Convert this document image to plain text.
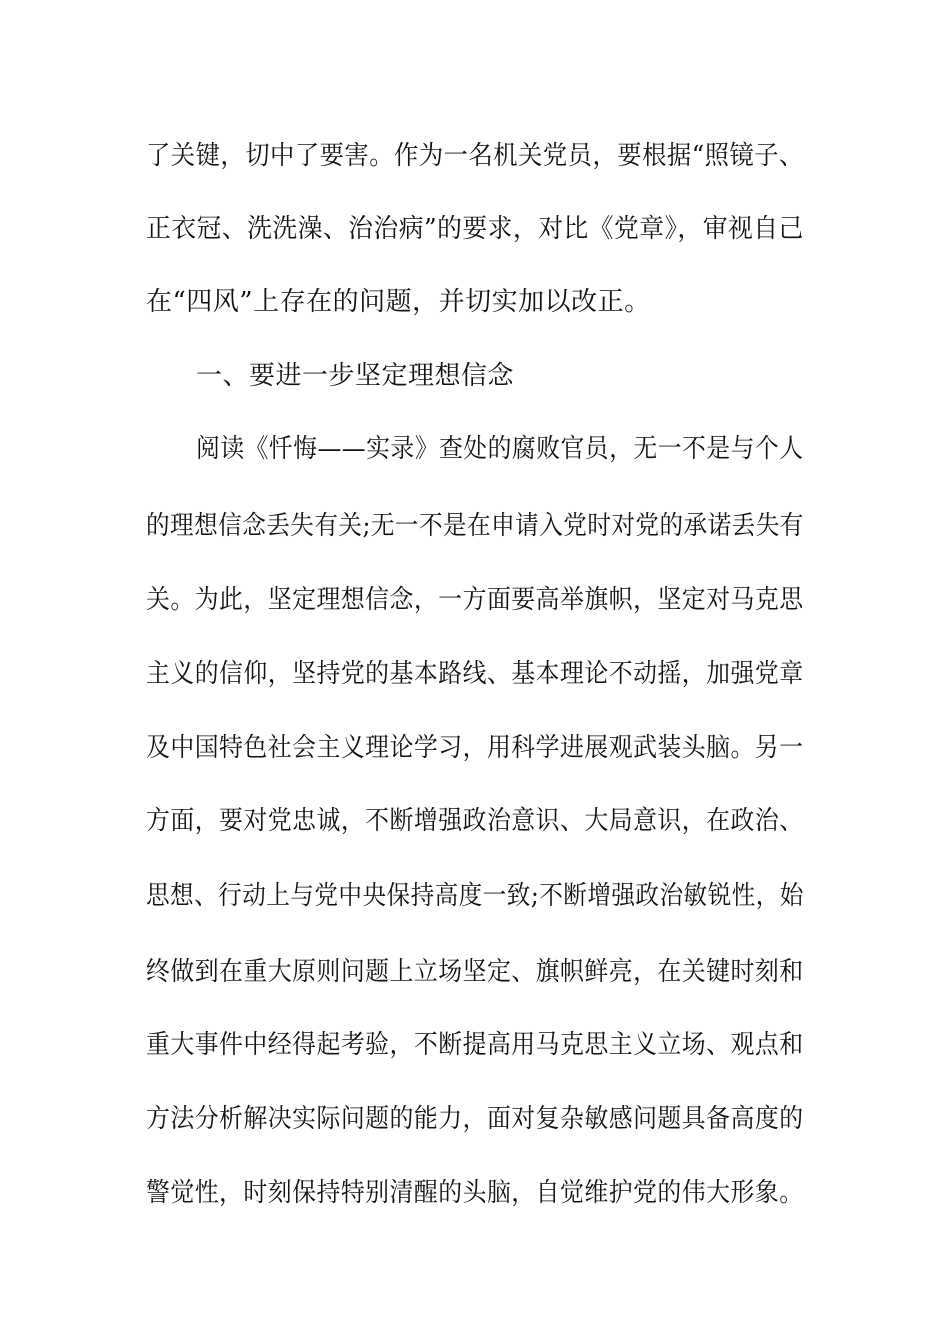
了关键，切中了要害。作为一名机关党员，要根据“照镜子、
正衣冠、洗洗澡、治治病”的要求，对比《党章》，审视自己
在“四风”上存在的问题，并切实加以改正。
一、要进一步坚定理想信念
阅读《忏悔——实录》查处的腐败官员，无一不是与个人
的理想信念丢失有关;无一不是在申请入党时对党的承诺丢失有
关。为此，坚定理想信念，一方面要高举旗帜，坚定对马克思
主义的信仰，坚持党的基本路线、基本理论不动摇，加强党章
及中国特色社会主义理论学习，用科学进展观武装头脑。另一
方面，要对党忠诚，不断增强政治意识、大局意识，在政治、
思想、行动上与党中央保持高度一致;不断增强政治敏锐性，始
终做到在重大原则问题上立场坚定、旗帜鲜亮，在关键时刻和
重大事件中经得起考验，不断提高用马克思主义立场、观点和
方法分析解决实际问题的能力，面对复杂敏感问题具备高度的
警觉性，时刻保持特别清醒的头脑，自觉维护党的伟大形象。
